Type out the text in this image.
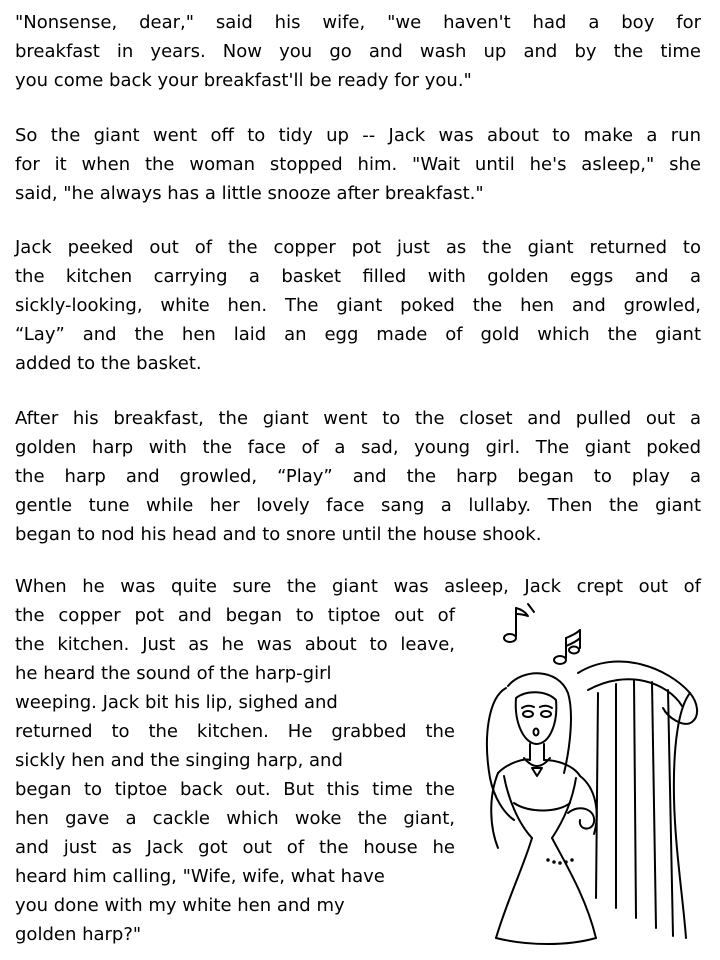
"Nonsense, dear," said his wife, "we haven't had a boy for
breakfast in years. Now you go and wash up and by the time
you come back your breakfast'll be ready for you."
So the giant went off to tidy up -- Jack was about to make a run
for it when the woman stopped him. "Wait until he's asleep," she
said, "he always has a little snooze after breakfast."
Jack peeked out of the copper pot just as the giant returned to
the kitchen carrying a basket filled with golden eggs and a
sickly-looking, white hen. The giant poked the hen and growled,
“Lay” and the hen laid an egg made of gold which the giant
added to the basket.
After his breakfast, the giant went to the closet and pulled out a
golden harp with the face of a sad, young girl. The giant poked
the harp and growled, “Play” and the harp began to play a
gentle tune while her lovely face sang a lullaby. Then the giant
began to nod his head and to snore until the house shook.
When he was quite sure the giant was asleep, Jack crept out of
the copper pot and began to tiptoe out of
the kitchen. Just as he was about to leave,
he heard the sound of the harp-girl
weeping. Jack bit his lip, sighed and
returned to the kitchen. He grabbed the
sickly hen and the singing harp, and
began to tiptoe back out. But this time the
hen gave a cackle which woke the giant,
and just as Jack got out of the house he
heard him calling, "Wife, wife, what have
you done with my white hen and my
golden harp?"
